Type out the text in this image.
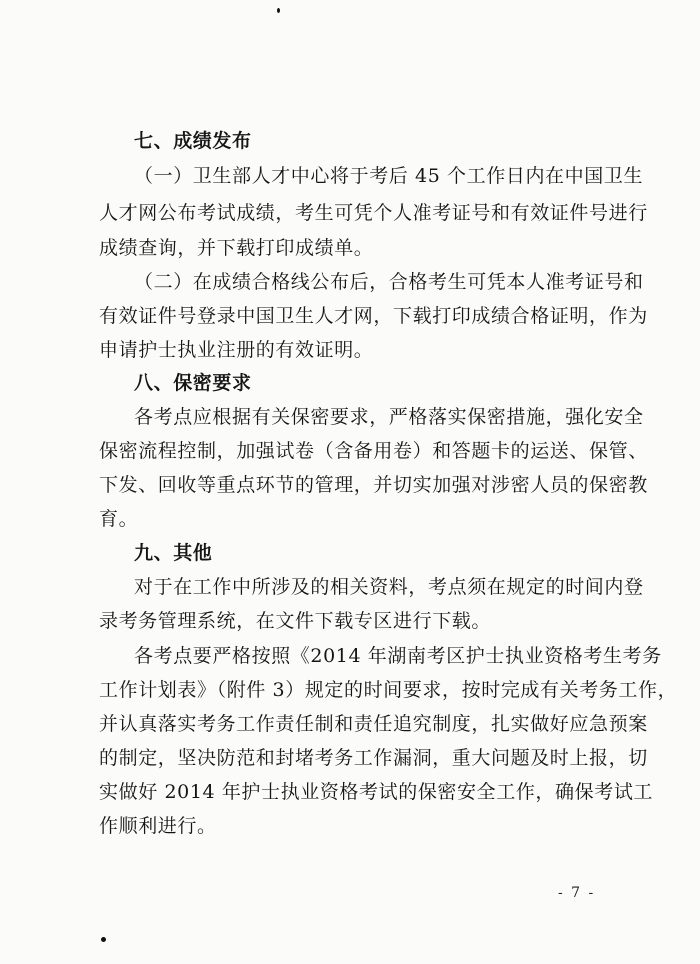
七、成绩发布
（一）卫生部人才中心将于考后 45 个工作日内在中国卫生
人才网公布考试成绩，考生可凭个人准考证号和有效证件号进行
成绩查询，并下载打印成绩单。
（二）在成绩合格线公布后，合格考生可凭本人准考证号和
有效证件号登录中国卫生人才网，下载打印成绩合格证明，作为
申请护士执业注册的有效证明。
八、保密要求
各考点应根据有关保密要求，严格落实保密措施，强化安全
保密流程控制，加强试卷（含备用卷）和答题卡的运送、保管、
下发、回收等重点环节的管理，并切实加强对涉密人员的保密教
育。
九、其他
对于在工作中所涉及的相关资料，考点须在规定的时间内登
录考务管理系统，在文件下载专区进行下载。
各考点要严格按照《2014 年湖南考区护士执业资格考生考务
工作计划表》（附件 3）规定的时间要求，按时完成有关考务工作，
并认真落实考务工作责任制和责任追究制度，扎实做好应急预案
的制定，坚决防范和封堵考务工作漏洞，重大问题及时上报，切
实做好 2014 年护士执业资格考试的保密安全工作，确保考试工
作顺利进行。
- 7 -
